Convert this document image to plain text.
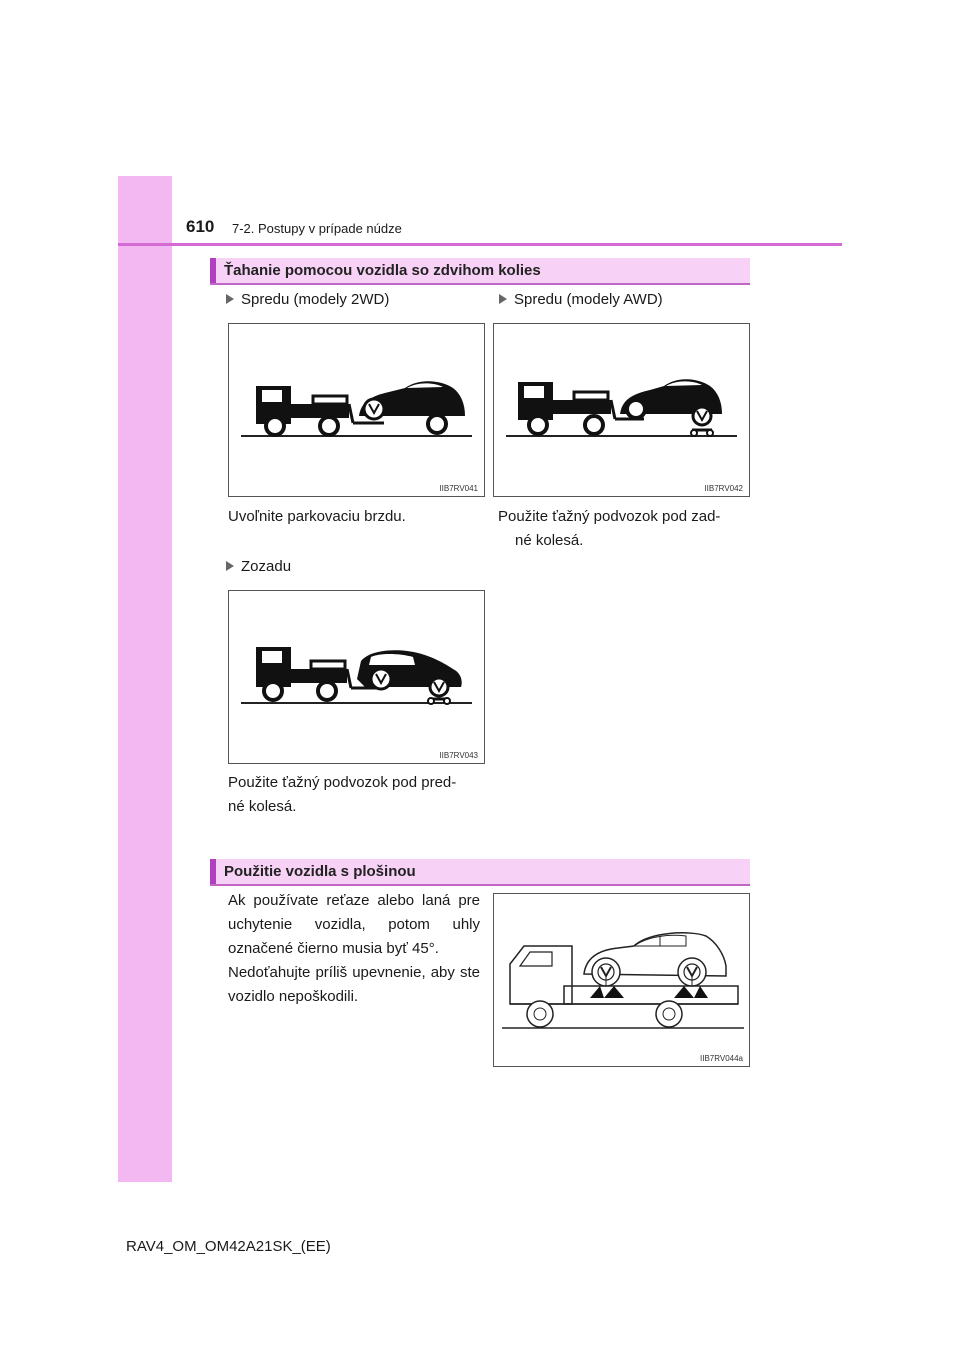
610 7-2. Postupy v prípade núdze
Ťahanie pomocou vozidla so zdvihom kolies
Spredu (modely 2WD)	Spredu (modely AWD)
IIB7RV041	IIB7RV042
Uvoľnite parkovaciu brzdu.	Použite ťažný podvozok pod zad-
né kolesá.
Zozadu
IIB7RV043
Použite ťažný podvozok pod pred-
né kolesá.
Použitie vozidla s plošinou
Ak používate reťaze alebo laná pre uchytenie vozidla, potom uhly označené čierno musia byť 45°.
Nedoťahujte príliš upevnenie, aby ste vozidlo nepoškodili.
IIB7RV044a
RAV4_OM_OM42A21SK_(EE)
